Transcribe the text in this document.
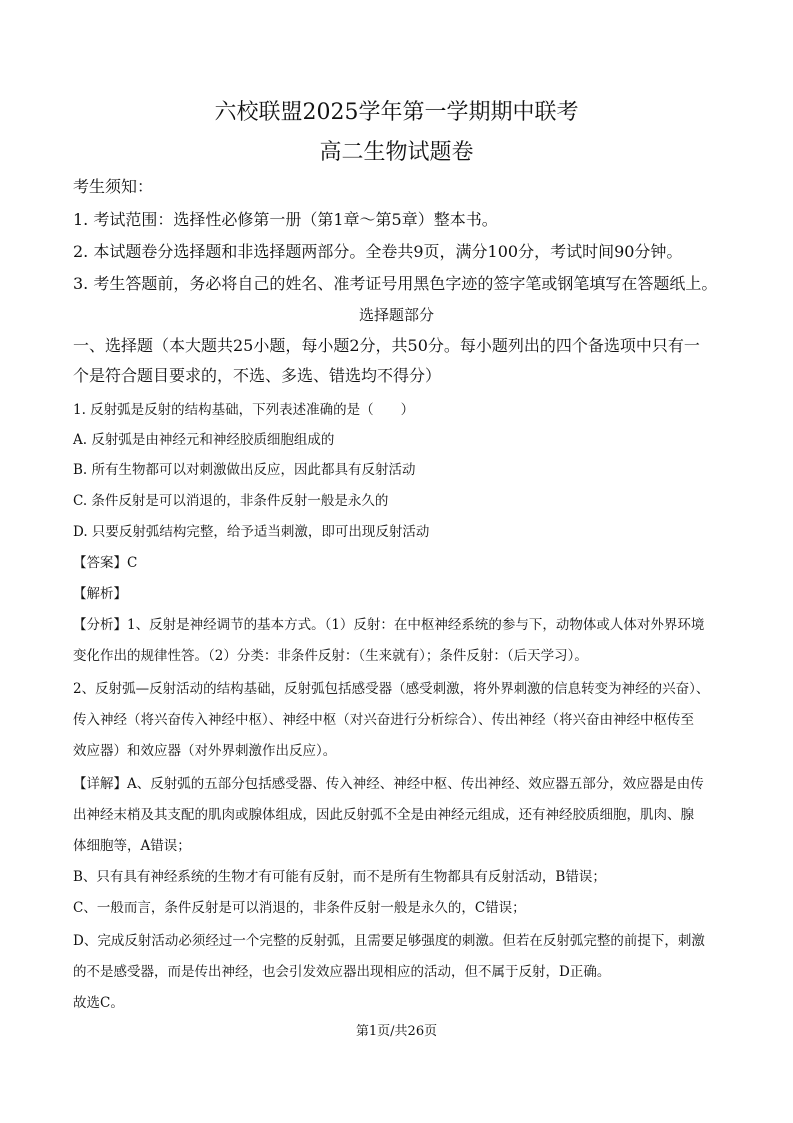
六校联盟2025学年第一学期期中联考
高二生物试题卷
考生须知：
1. 考试范围：选择性必修第一册（第1章～第5章）整本书。
2. 本试题卷分选择题和非选择题两部分。全卷共9页，满分100分，考试时间90分钟。
3. 考生答题前，务必将自己的姓名、准考证号用黑色字迹的签字笔或钢笔填写在答题纸上。
选择题部分
一、选择题（本大题共25小题，每小题2分，共50分。每小题列出的四个备选项中只有一
个是符合题目要求的，不选、多选、错选均不得分）
1. 反射弧是反射的结构基础，下列表述准确的是（　　）
A. 反射弧是由神经元和神经胶质细胞组成的
B. 所有生物都可以对刺激做出反应，因此都具有反射活动
C. 条件反射是可以消退的，非条件反射一般是永久的
D. 只要反射弧结构完整，给予适当刺激，即可出现反射活动
【答案】C
【解析】
【分析】1、反射是神经调节的基本方式。（1）反射：在中枢神经系统的参与下，动物体或人体对外界环境
变化作出的规律性答。（2）分类：非条件反射：（生来就有）；条件反射：（后天学习）。
2、反射弧—反射活动的结构基础，反射弧包括感受器（感受刺激，将外界刺激的信息转变为神经的兴奋）、
传入神经（将兴奋传入神经中枢）、神经中枢（对兴奋进行分析综合）、传出神经（将兴奋由神经中枢传至
效应器）和效应器（对外界刺激作出反应）。
【详解】A、反射弧的五部分包括感受器、传入神经、神经中枢、传出神经、效应器五部分，效应器是由传
出神经末梢及其支配的肌肉或腺体组成，因此反射弧不全是由神经元组成，还有神经胶质细胞，肌肉、腺
体细胞等，A错误；
B、只有具有神经系统的生物才有可能有反射，而不是所有生物都具有反射活动，B错误；
C、一般而言，条件反射是可以消退的，非条件反射一般是永久的，C错误；
D、完成反射活动必须经过一个完整的反射弧，且需要足够强度的刺激。但若在反射弧完整的前提下，刺激
的不是感受器，而是传出神经，也会引发效应器出现相应的活动，但不属于反射，D正确。
故选C。
第1页/共26页
